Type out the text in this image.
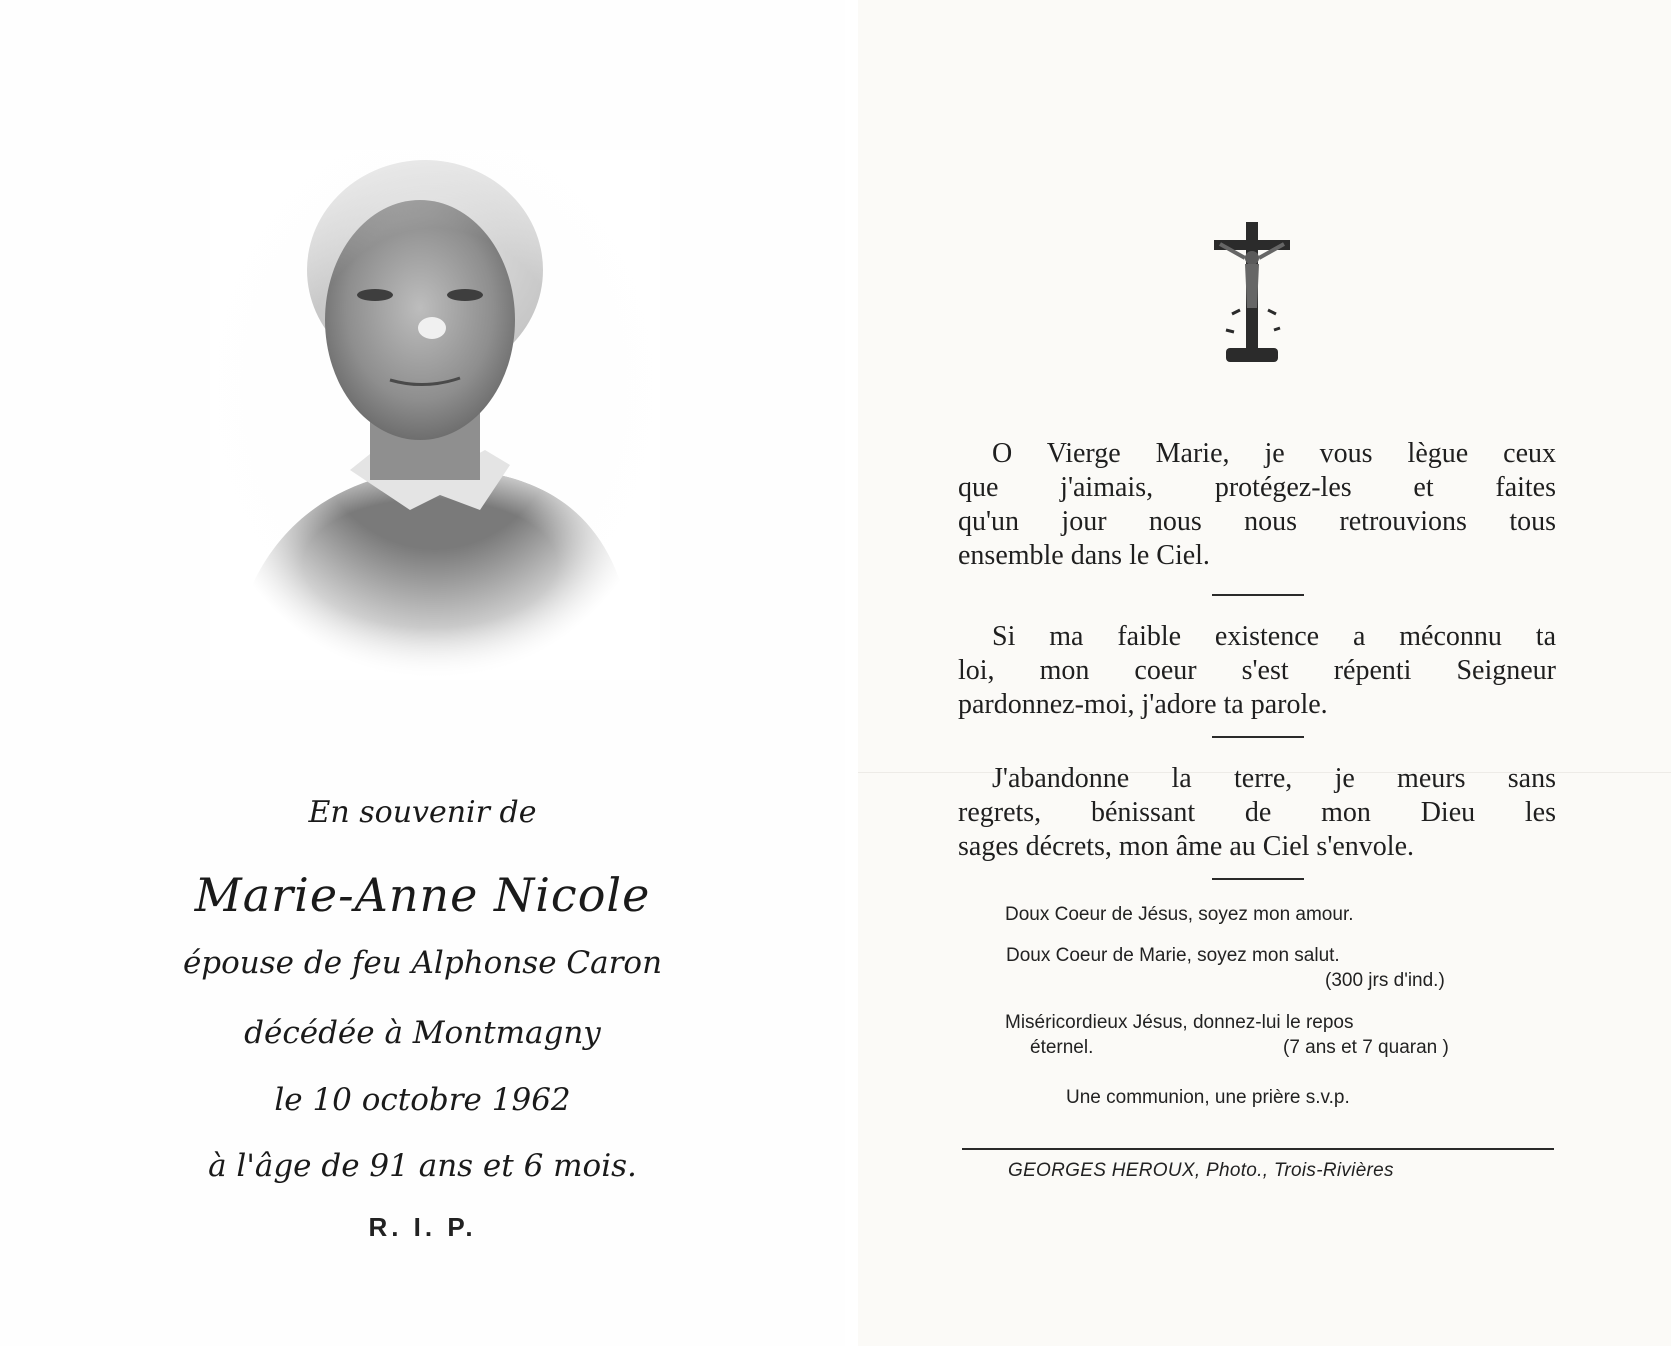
En souvenir de
Marie-Anne Nicole
épouse de feu Alphonse Caron
décédée à Montmagny
le 10 octobre 1962
à l'âge de 91 ans et 6 mois.
R. I. P.
O Vierge Marie, je vous lègue ceux
que j'aimais, protégez-les et faites
qu'un jour nous nous retrouvions tous
ensemble dans le Ciel.
Si ma faible existence a méconnu ta
loi, mon coeur s'est répenti Seigneur
pardonnez-moi, j'adore ta parole.
J'abandonne la terre, je meurs sans
regrets, bénissant de mon Dieu les
sages décrets, mon âme au Ciel s'envole.
Doux Coeur de Jésus, soyez mon amour.
Doux Coeur de Marie, soyez mon salut.
(300 jrs d'ind.)
Miséricordieux Jésus, donnez-lui le repos
éternel.	(7 ans et 7 quaran )
Une communion, une prière s.v.p.
GEORGES HEROUX, Photo., Trois-Rivières
